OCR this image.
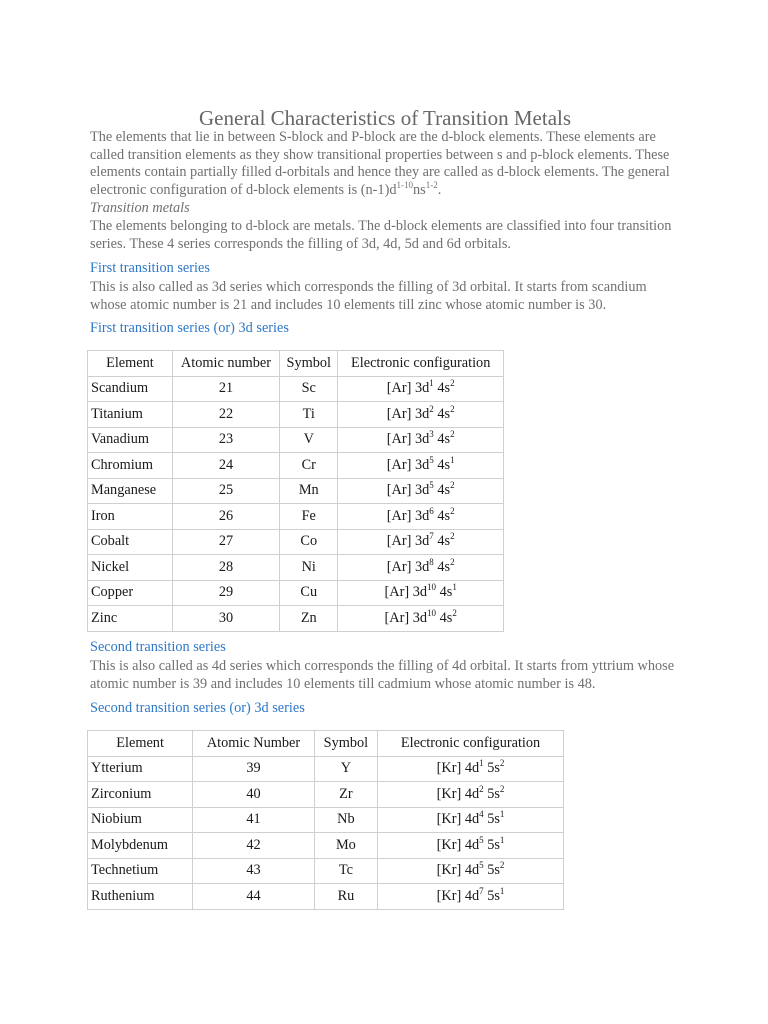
General Characteristics of Transition Metals

The elements that lie in between S-block and P-block are the d-block elements. These elements are called transition elements as they show transitional properties between s and p-block elements. These elements contain partially filled d-orbitals and hence they are called as d-block elements. The general electronic configuration of d-block elements is $(n-1)d^{1-10}ns^{1-2}$.

Transition metals

The elements belonging to d-block are metals. The d-block elements are classified into four transition series. These 4 series corresponds the filling of 3d, 4d, 5d and 6d orbitals.

First transition series

This is also called as 3d series which corresponds the filling of 3d orbital. It starts from scandium whose atomic number is 21 and includes 10 elements till zinc whose atomic number is 30.

First transition series (or) 3d series

Element	Atomic number	Symbol	Electronic configuration
Scandium	21	Sc	[Ar] $3d^1$ $4s^2$
Titanium	22	Ti	[Ar] $3d^2$ $4s^2$
Vanadium	23	V	[Ar] $3d^3$ $4s^2$
Chromium	24	Cr	[Ar] $3d^5$ $4s^1$
Manganese	25	Mn	[Ar] $3d^5$ $4s^2$
Iron	26	Fe	[Ar] $3d^6$ $4s^2$
Cobalt	27	Co	[Ar] $3d^7$ $4s^2$
Nickel	28	Ni	[Ar] $3d^8$ $4s^2$
Copper	29	Cu	[Ar] $3d^{10}$ $4s^1$
Zinc	30	Zn	[Ar] $3d^{10}$ $4s^2$

Second transition series

This is also called as 4d series which corresponds the filling of 4d orbital. It starts from yttrium whose atomic number is 39 and includes 10 elements till cadmium whose atomic number is 48.

Second transition series (or) 3d series

Element	Atomic Number	Symbol	Electronic configuration
Ytterium	39	Y	[Kr] $4d^1$ $5s^2$
Zirconium	40	Zr	[Kr] $4d^2$ $5s^2$
Niobium	41	Nb	[Kr] $4d^4$ $5s^1$
Molybdenum	42	Mo	[Kr] $4d^5$ $5s^1$
Technetium	43	Tc	[Kr] $4d^5$ $5s^2$
Ruthenium	44	Ru	[Kr] $4d^7$ $5s^1$
